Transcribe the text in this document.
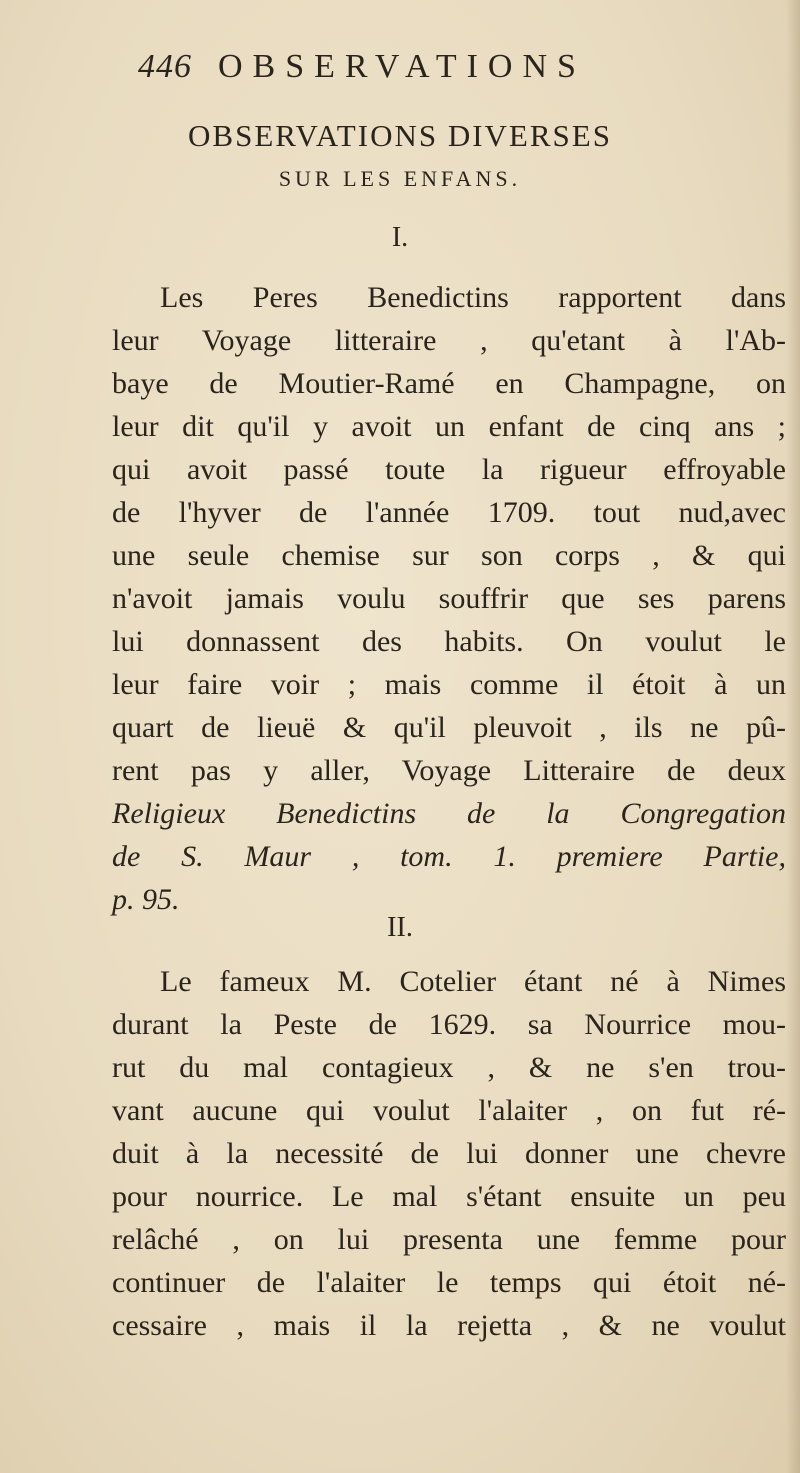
446 OBSERVATIONS
OBSERVATIONS DIVERSES
SUR LES ENFANS.
I.
Les Peres Benedictins rapportent dans
leur Voyage litteraire , qu'etant à l'Ab-
baye de Moutier-Ramé en Champagne, on
leur dit qu'il y avoit un enfant de cinq ans ;
qui avoit passé toute la rigueur effroyable
de l'hyver de l'année 1709. tout nud,avec
une seule chemise sur son corps , & qui
n'avoit jamais voulu souffrir que ses parens
lui donnassent des habits. On voulut le
leur faire voir ; mais comme il étoit à un
quart de lieuë & qu'il pleuvoit , ils ne pû-
rent pas y aller, Voyage Litteraire de deux
Religieux Benedictins de la Congregation
de S. Maur , tom. 1. premiere Partie,
p. 95.
II.
Le fameux M. Cotelier étant né à Nimes
durant la Peste de 1629. sa Nourrice mou-
rut du mal contagieux , & ne s'en trou-
vant aucune qui voulut l'alaiter , on fut ré-
duit à la necessité de lui donner une chevre
pour nourrice. Le mal s'étant ensuite un peu
relâché , on lui presenta une femme pour
continuer de l'alaiter le temps qui étoit né-
cessaire , mais il la rejetta , & ne voulut
